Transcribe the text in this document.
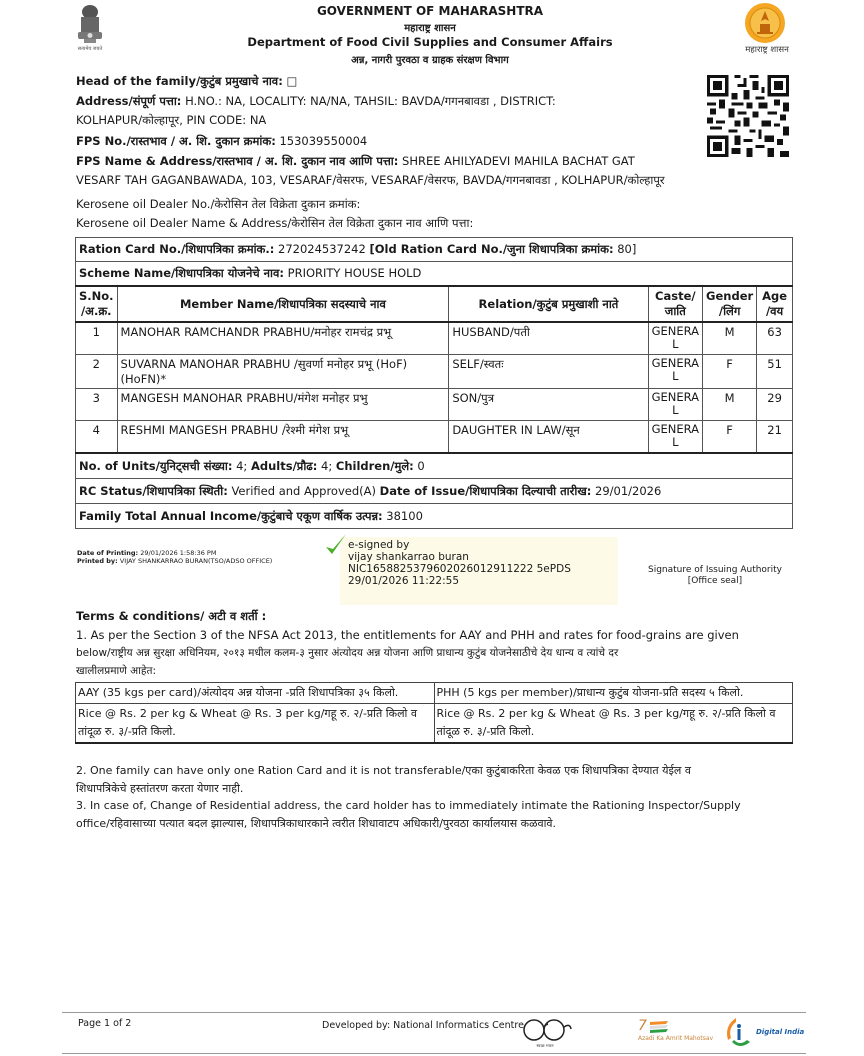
सत्यमेव जयते
GOVERNMENT OF MAHARASHTRA
महाराष्ट्र शासन
Department of Food Civil Supplies and Consumer Affairs
अन्न, नागरी पुरवठा व ग्राहक संरक्षण विभाग
महाराष्ट्र शासन
Head of the family/कुटुंब प्रमुखाचे नाव: □
Address/संपूर्ण पत्ता: H.NO.: NA, LOCALITY: NA/NA, TAHSIL: BAVDA/गगनबावडा , DISTRICT:
KOLHAPUR/कोल्हापूर, PIN CODE: NA
FPS No./रास्तभाव / अ. शि. दुकान क्रमांक: 153039550004
FPS Name & Address/रास्तभाव / अ. शि. दुकान नाव आणि पत्ता: SHREE AHILYADEVI MAHILA BACHAT GAT
VESARF TAH GAGANBAWADA, 103, VESARAF/वेसरफ, VESARAF/वेसरफ, BAVDA/गगनबावडा , KOLHAPUR/कोल्हापूर
Kerosene oil Dealer No./केरोसिन तेल विक्रेता दुकान क्रमांक:
Kerosene oil Dealer Name & Address/केरोसिन तेल विक्रेता दुकान नाव आणि पत्ता:
Ration Card No./शिधापत्रिका क्रमांक.: 272024537242 [Old Ration Card No./जुना शिधापत्रिका क्रमांक: 80]					
Scheme Name/शिधापत्रिका योजनेचे नाव: PRIORITY HOUSE HOLD					
S.No. /अ.क्र.	Member Name/शिधापत्रिका सदस्याचे नाव	Relation/कुटुंब प्रमुखाशी नाते	Caste/ जाति	Gender /लिंग	Age /वय
1	MANOHAR RAMCHANDR PRABHU/मनोहर रामचंद्र प्रभू	HUSBAND/पती	GENERA L	M	63
2	SUVARNA MANOHAR PRABHU /सुवर्णा मनोहर प्रभू (HoF) (HoFN)*	SELF/स्वतः	GENERA L	F	51
3	MANGESH MANOHAR PRABHU/मंगेश मनोहर प्रभु	SON/पुत्र	GENERA L	M	29
4	RESHMI MANGESH PRABHU /रेश्मी मंगेश प्रभू	DAUGHTER IN LAW/सून	GENERA L	F	21
No. of Units/युनिट्सची संख्या: 4; Adults/प्रौढ: 4; Children/मुले: 0					
RC Status/शिधापत्रिका स्थिती: Verified and Approved(A) Date of Issue/शिधापत्रिका दिल्याची तारीख: 29/01/2026					
Family Total Annual Income/कुटुंबाचे एकूण वार्षिक उत्पन्न: 38100					
Date of Printing: 29/01/2026 1:58:36 PM
Printed by: VIJAY SHANKARRAO BURAN(TSO/ADSO OFFICE)
e-signed by
vijay shankarrao buran
NIC1658825379602026012911222 5ePDS
29/01/2026 11:22:55
Signature of Issuing Authority
[Office seal]
Terms & conditions/ अटी व शर्ती :
1. As per the Section 3 of the NFSA Act 2013, the entitlements for AAY and PHH and rates for food-grains are given
below/राष्ट्रीय अन्न सुरक्षा अधिनियम, २०१३ मधील कलम-३ नुसार अंत्योदय अन्न योजना आणि प्राधान्य कुटुंब योजनेसाठीचे देय धान्य व त्यांचे दर
खालीलप्रमाणे आहेत:
AAY (35 kgs per card)/अंत्योदय अन्न योजना -प्रति शिधापत्रिका ३५ किलो.	PHH (5 kgs per member)/प्राधान्य कुटुंब योजना-प्रति सदस्य ५ किलो.
Rice @ Rs. 2 per kg & Wheat @ Rs. 3 per kg/गहू रु. २/-प्रति किलो व तांदूळ रु. ३/-प्रति किलो.	Rice @ Rs. 2 per kg & Wheat @ Rs. 3 per kg/गहू रु. २/-प्रति किलो व तांदूळ रु. ३/-प्रति किलो.
2. One family can have only one Ration Card and it is not transferable/एका कुटुंबाकरिता केवळ एक शिधापत्रिका देण्यात येईल व
शिधापत्रिकेचे हस्तांतरण करता येणार नाही.
3. In case of, Change of Residential address, the card holder has to immediately intimate the Rationing Inspector/Supply
office/रहिवासाच्या पत्यात बदल झाल्यास, शिधापत्रिकाधारकाने त्वरीत शिधावाटप अधिकारी/पुरवठा कार्यालयास कळवावे.
Page 1 of 2	Developed by: National Informatics Centre
स्वच्छ भारत
7
Azadi Ka Amrit Mahotsav
Digital India
